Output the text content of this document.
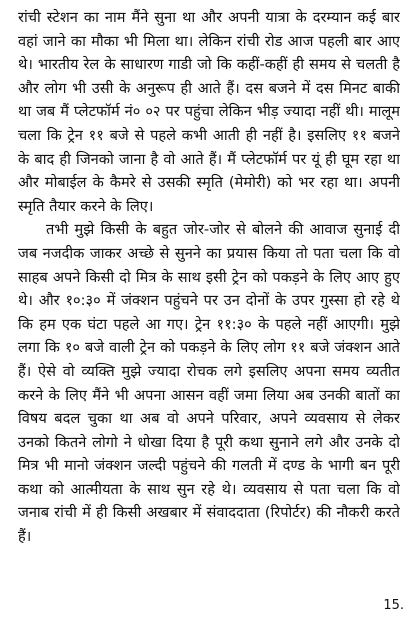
रांची स्टेशन का नाम मैंने सुना था और अपनी यात्रा के दरम्यान कई बार वहां जाने का मौका भी मिला था। लेकिन रांची रोड आज पहली बार आए थे। भारतीय रेल के साधारण गाडी जो कि कहीं-कहीं ही समय से चलती है और लोग भी उसी के अनुरूप ही आते हैं। दस बजने में दस मिनट बाकी था जब मैं प्लेटफॉर्म नं० ०२ पर पहुंचा लेकिन भीड़ ज्यादा नहीं थी। मालूम चला कि ट्रेन ११ बजे से पहले कभी आती ही नहीं है। इसलिए ११ बजने के बाद ही जिनको जाना है वो आते हैं। मैं प्लेटफॉर्म पर यूं ही घूम रहा था और मोबाईल के कैमरे से उसकी स्मृति (मेमोरी) को भर रहा था। अपनी स्मृति तैयार करने के लिए।

तभी मुझे किसी के बहुत जोर-जोर से बोलने की आवाज सुनाई दी जब नजदीक जाकर अच्छे से सुनने का प्रयास किया तो पता चला कि वो साहब अपने किसी दो मित्र के साथ इसी ट्रेन को पकड़ने के लिए आए हुए थे। और १०:३० में जंक्शन पहुंचने पर उन दोनों के उपर गुस्सा हो रहे थे कि हम एक घंटा पहले आ गए। ट्रेन ११:३० के पहले नहीं आएगी। मुझे लगा कि १० बजे वाली ट्रेन को पकड़ने के लिए लोग ११ बजे जंक्शन आते हैं। ऐसे वो व्यक्ति मुझे ज्यादा रोचक लगे इसलिए अपना समय व्यतीत करने के लिए मैंने भी अपना आसन वहीं जमा लिया अब उनकी बातों का विषय बदल चुका था अब वो अपने परिवार, अपने व्यवसाय से लेकर उनको कितने लोगो ने धोखा दिया है पूरी कथा सुनाने लगे और उनके दो मित्र भी मानो जंक्शन जल्दी पहुंचने की गलती में दण्ड के भागी बन पूरी कथा को आत्मीयता के साथ सुन रहे थे। व्यवसाय से पता चला कि वो जनाब रांची में ही किसी अखबार में संवाददाता (रिपोर्टर) की नौकरी करते हैं।

15.
